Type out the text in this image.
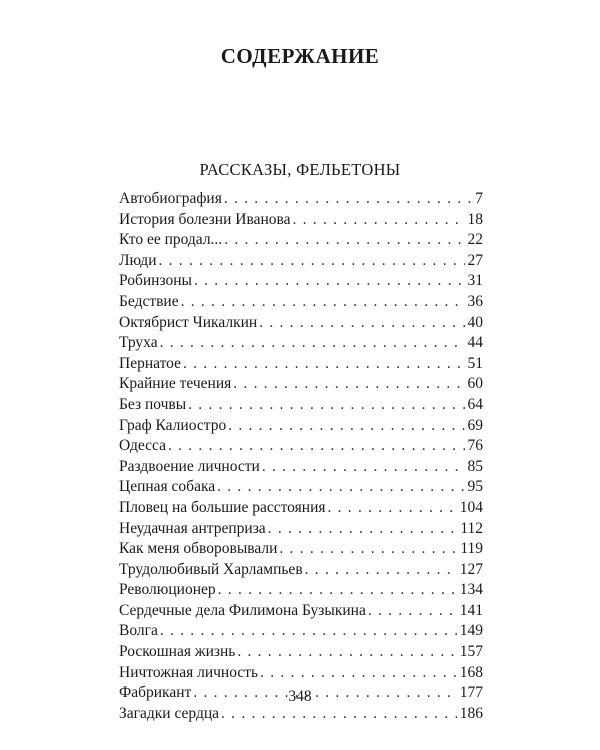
СОДЕРЖАНИЕ
РАССКАЗЫ, ФЕЛЬЕТОНЫ
Автобиография . . .	7
История болезни Иванова . . .	18
Кто ее продал... . . .	22
Люди . . .	27
Робинзоны . . .	31
Бедствие . . .	36
Октябрист Чикалкин . . .	40
Труха . . .	44
Пернатое . . .	51
Крайние течения . . .	60
Без почвы . . .	64
Граф Калиостро . . .	69
Одесса . . .	76
Раздвоение личности . . .	85
Цепная собака . . .	95
Пловец на большие расстояния . . .	104
Неудачная антреприза . . .	112
Как меня обворовывали . . .	119
Трудолюбивый Харлампьев . . .	127
Революционер . . .	134
Сердечные дела Филимона Бузыкина . . .	141
Волга . . .	149
Роскошная жизнь . . .	157
Ничтожная личность . . .	168
Фабрикант . . .	177
Загадки сердца . . .	186
348
